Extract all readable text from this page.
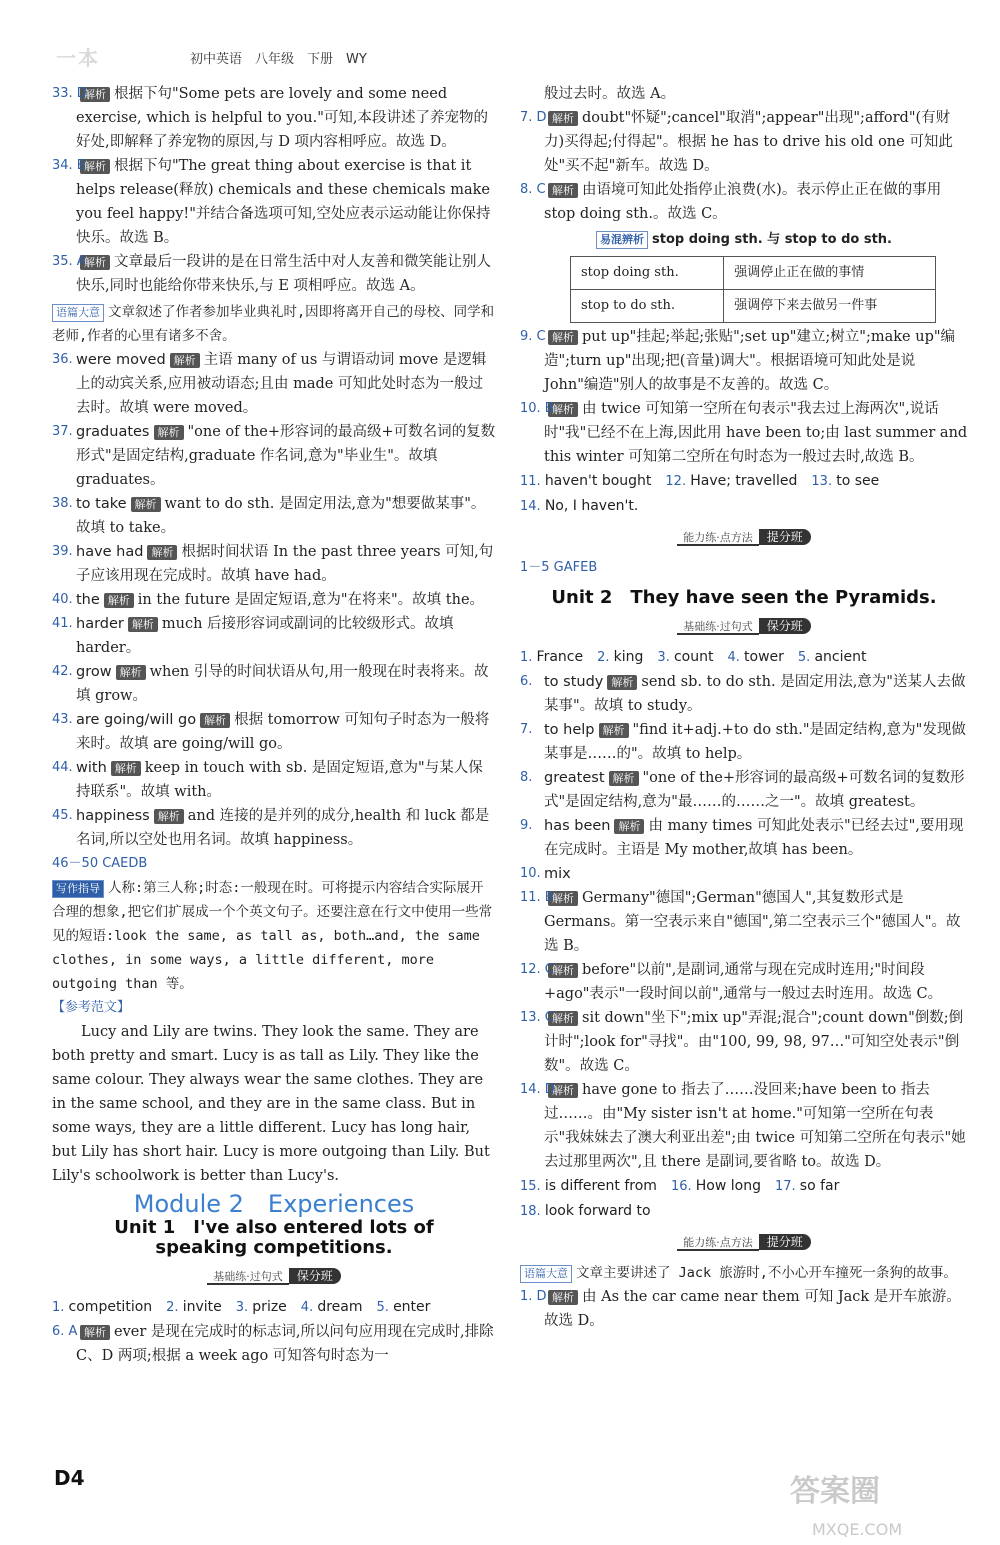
一本	初中英语　八年级　下册　WY
33. D
解析 根据下句"Some pets are lovely and some need exercise, which is helpful to you."可知,本段讲述了养宠物的好处,即解释了养宠物的原因,与 D 项内容相呼应。故选 D。
34. B
解析 根据下句"The great thing about exercise is that it helps release(释放) chemicals and these chemicals make you feel happy!"并结合备选项可知,空处应表示运动能让你保持快乐。故选 B。
35. A
解析 文章最后一段讲的是在日常生活中对人友善和微笑能让别人快乐,同时也能给你带来快乐,与 E 项相呼应。故选 A。
语篇大意 文章叙述了作者参加毕业典礼时,因即将离开自己的母校、同学和老师,作者的心里有诸多不舍。
36. were moved 解析 主语 many of us 与谓语动词 move 是逻辑上的动宾关系,应用被动语态;且由 made 可知此处时态为一般过去时。故填 were moved。
37. graduates 解析 "one of the+形容词的最高级+可数名词的复数形式"是固定结构,graduate 作名词,意为"毕业生"。故填 graduates。
38. to take 解析 want to do sth. 是固定用法,意为"想要做某事"。故填 to take。
39. have had 解析 根据时间状语 In the past three years 可知,句子应该用现在完成时。故填 have had。
40. the 解析 in the future 是固定短语,意为"在将来"。故填 the。
41. harder 解析 much 后接形容词或副词的比较级形式。故填 harder。
42. grow 解析 when 引导的时间状语从句,用一般现在时表将来。故填 grow。
43. are going/will go 解析 根据 tomorrow 可知句子时态为一般将来时。故填 are going/will go。
44. with 解析 keep in touch with sb. 是固定短语,意为"与某人保持联系"。故填 with。
45. happiness 解析 and 连接的是并列的成分,health 和 luck 都是名词,所以空处也用名词。故填 happiness。
46－50 CAEDB
写作指导 人称:第三人称;时态:一般现在时。可将提示内容结合实际展开合理的想象,把它们扩展成一个个英文句子。还要注意在行文中使用一些常见的短语:look the same, as tall as, both…and, the same clothes, in some ways, a little different, more outgoing than 等。
【参考范文】
Lucy and Lily are twins. They look the same. They are both pretty and smart. Lucy is as tall as Lily. They like the same colour. They always wear the same clothes. They are in the same school, and they are in the same class. But in some ways, they are a little different. Lucy has long hair, but Lily has short hair. Lucy is more outgoing than Lily. But Lily's schoolwork is better than Lucy's.
Module 2　Experiences
Unit 1　I've also entered lots of
speaking competitions.
基础练·过句式 保分班
1. competition 2. invite 3. prize 4. dream 5. enter
6. A 解析 ever 是现在完成时的标志词,所以问句应用现在完成时,排除 C、D 两项;根据 a week ago 可知答句时态为一
般过去时。故选 A。
7. D 解析 doubt"怀疑";cancel"取消";appear"出现";afford"(有财力)买得起;付得起"。根据 he has to drive his old one 可知此处"买不起"新车。故选 D。
8. C 解析 由语境可知此处指停止浪费(水)。表示停止正在做的事用 stop doing sth.。故选 C。
易混辨析 stop doing sth. 与 stop to do sth.
stop doing sth.	强调停止正在做的事情
stop to do sth.	强调停下来去做另一件事
9. C 解析 put up"挂起;举起;张贴";set up"建立;树立";make up"编造";turn up"出现;把(音量)调大"。根据语境可知此处是说 John"编造"别人的故事是不友善的。故选 C。
10. B
解析 由 twice 可知第一空所在句表示"我去过上海两次",说话时"我"已经不在上海,因此用 have been to;由 last summer and this winter 可知第二空所在句时态为一般过去时,故选 B。
11. haven't bought 12. Have; travelled 13. to see
14. No, I haven't.
能力练·点方法 提分班
1－5 GAFEB
Unit 2　They have seen the Pyramids.
基础练·过句式 保分班
1. France 2. king 3. count 4. tower 5. ancient
6. to study 解析 send sb. to do sth. 是固定用法,意为"送某人去做某事"。故填 to study。
7. to help 解析 "find it+adj.+to do sth."是固定结构,意为"发现做某事是……的"。故填 to help。
8. greatest 解析 "one of the+形容词的最高级+可数名词的复数形式"是固定结构,意为"最……的……之一"。故填 greatest。
9. has been 解析 由 many times 可知此处表示"已经去过",要用现在完成时。主语是 My mother,故填 has been。
10. mix
11. B
解析 Germany"德国";German"德国人",其复数形式是 Germans。第一空表示来自"德国",第二空表示三个"德国人"。故选 B。
12. C
解析 before"以前",是副词,通常与现在完成时连用;"时间段+ago"表示"一段时间以前",通常与一般过去时连用。故选 C。
13. C
解析 sit down"坐下";mix up"弄混;混合";count down"倒数;倒计时";look for"寻找"。由"100, 99, 98, 97…"可知空处表示"倒数"。故选 C。
14. D
解析 have gone to 指去了……没回来;have been to 指去过……。由"My sister isn't at home."可知第一空所在句表示"我妹妹去了澳大利亚出差";由 twice 可知第二空所在句表示"她去过那里两次",且 there 是副词,要省略 to。故选 D。
15. is different from 16. How long 17. so far
18. look forward to
能力练·点方法 提分班
语篇大意 文章主要讲述了 Jack 旅游时,不小心开车撞死一条狗的故事。
1. D 解析 由 As the car came near them 可知 Jack 是开车旅游。故选 D。
D4	答案圈
MXQE.COM
